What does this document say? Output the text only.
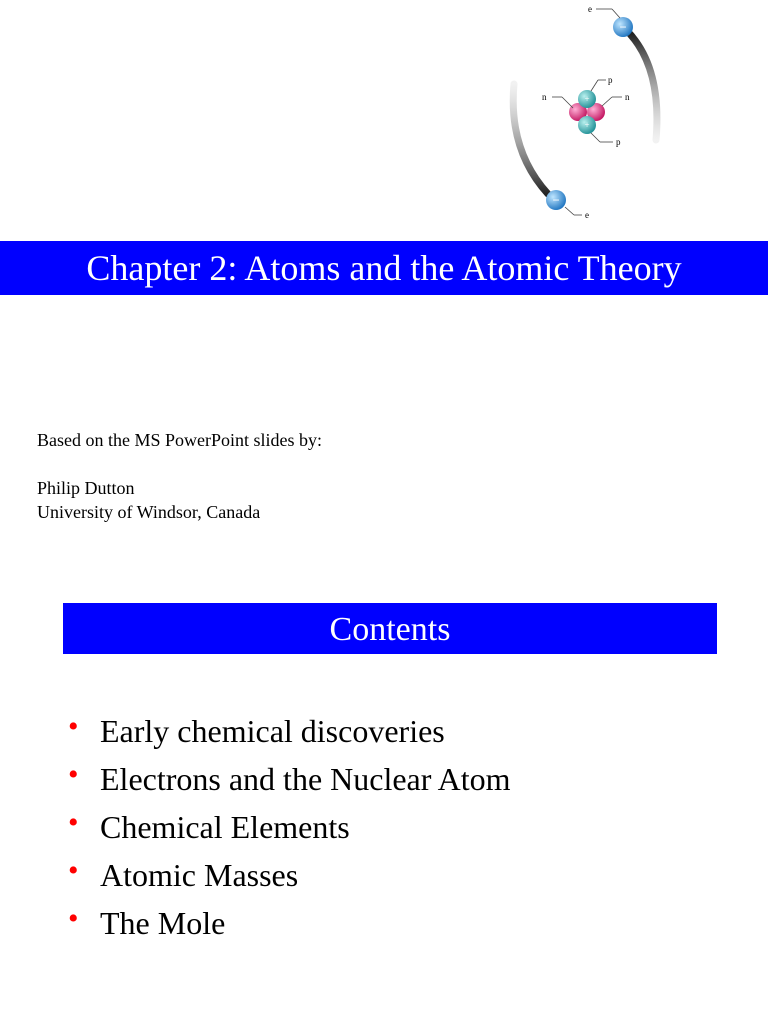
−
e
−
e
+
+
n	n
p
p
Chapter 2: Atoms and the Atomic Theory
Based on the MS PowerPoint slides by:
Philip Dutton
University of Windsor, Canada
Contents
• Early chemical discoveries
• Electrons and the Nuclear Atom
• Chemical Elements
• Atomic Masses
• The Mole
